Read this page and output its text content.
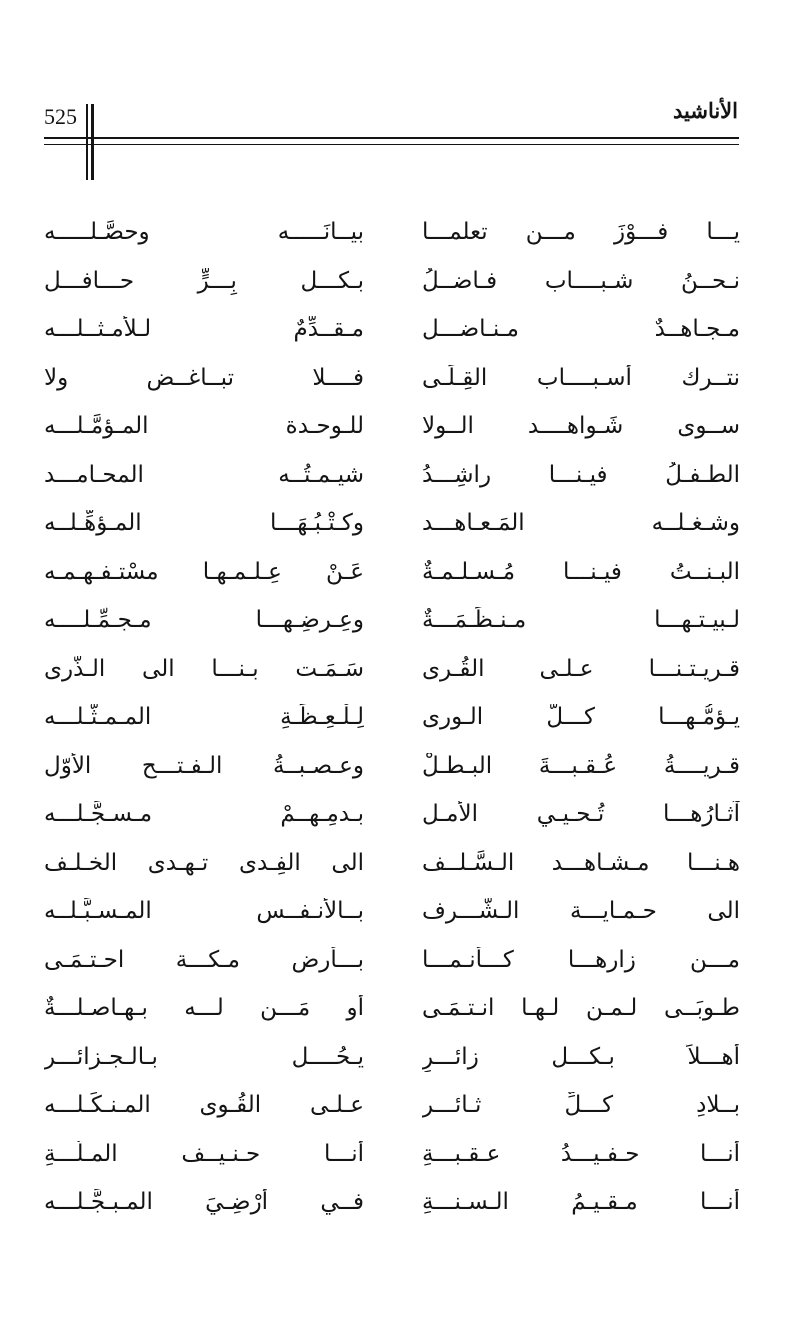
525	الأناشيد
يـــا فـــوْزَ مـــن تعلمـــا
بيــانَـــــه وحصَّـلـــــه
نـحــنُ شـبــــاب فـاضــلُ
بـكـــل بِـــرٍّ حـــافـــل
مـجـاهــدٌ مـنـاضـــل
مـقــدِّمٌ لـلأمـثــلـــه
نتــرك أسـبــــاب القِـلَـى
فــــلا تبــاغــض ولا
ســوى شَـواهــــد الــولا
للـوحـدة المـؤمَّـلـــه
الطـفـلُ فيـنـــا راشِـــدُ
شيـمـتُــه المحـامـــد
وشـغـلــه المَـعـاهـــد
وكـتْـبُـهَـــا المـؤهِّـلــه
البـنــتُ فيـنـــا مُـسـلـمـةٌ
عَـنْ عِـلـمـهـا مسْتـفـهـمـه
لـبيـتـهـــا مـنـظِّـمَـــةٌ
وعِـرضِـهـــا مـجـمِّـلــــه
قـريـتـنـــا عـلـى القُـرى
سَـمَـت بـنـــا الى الـذُّرى
يـؤمُّـهـــا كـــلُّ الـورى
لِـلْـعِـظَـةِ المـمـثَّـلـــه
قـريــــةُ عُـقـبـــةَ البـطـلْ
وعـصـبــةُ الـفـتـــح الأوّل
آثـارُهـــا تُـحـيـي الأمـل
بـدمِـهــمْ مـسـجَّـلـــه
هـنـــا مـشـاهـــد الـسَّـلــف
الى الفِـدى تـهـدى الخـلـف
الى حـمـايـــة الـشَّـــرف
بــالأنـفــس المـسـبَّـلــه
مـــن زارهـــا كـــأنـمـــا
بـــأرض مـكـــة احـتـمَـى
طـوبَــى لـمـن لـهـا انـتـمَـى
أو مَـــن لـــه بـهـاصـلـــةٌ
أهـــلاً بـكـــل زائـــرِ
يـحُــــل بـالـجـزائـــر
بــلادِ كـــلِّ ثـائـــر
عـلـى القُـوى المـنـكِّـلـــه
أنـــا حـفـيـــدُ عـقـبـــةِ
أنـــا حـنـيــف المـلَّـــةِ
أنـــا مـقـيـمُ الـسـنـــةِ
فــي أرْضِـيَ المـبـجَّـلـــه
